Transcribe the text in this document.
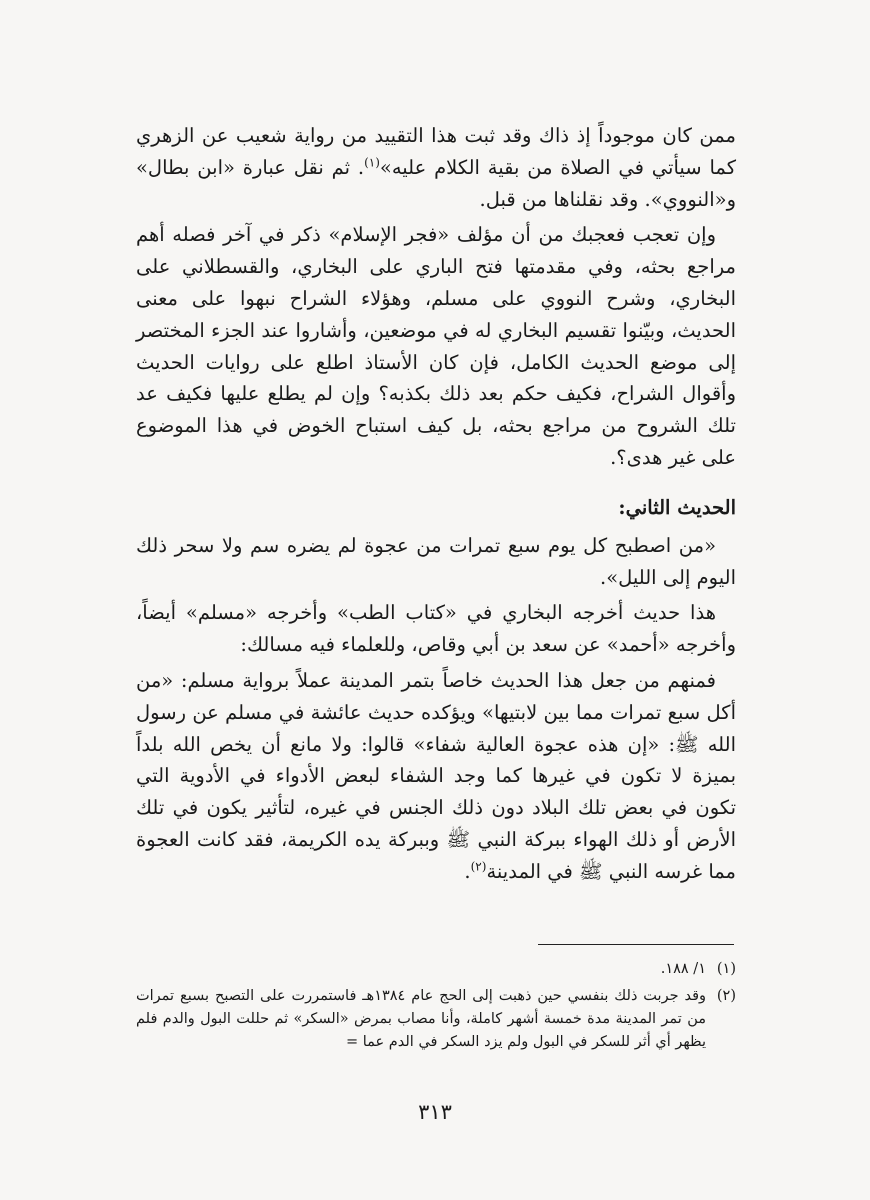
ممن كان موجوداً إذ ذاك وقد ثبت هذا التقييد من رواية شعيب عن الزهري كما سيأتي في الصلاة من بقية الكلام عليه»$^{(١)}$. ثم نقل عبارة «ابن بطال» و«النووي». وقد نقلناها من قبل.

وإن تعجب فعجبك من أن مؤلف «فجر الإسلام» ذكر في آخر فصله أهم مراجع بحثه، وفي مقدمتها فتح الباري على البخاري، والقسطلاني على البخاري، وشرح النووي على مسلم، وهؤلاء الشراح نبهوا على معنى الحديث، وبيّنوا تقسيم البخاري له في موضعين، وأشاروا عند الجزء المختصر إلى موضع الحديث الكامل، فإن كان الأستاذ اطلع على روايات الحديث وأقوال الشراح، فكيف حكم بعد ذلك بكذبه؟ وإن لم يطلع عليها فكيف عد تلك الشروح من مراجع بحثه، بل كيف استباح الخوض في هذا الموضوع على غير هدى؟.

الحديث الثاني:

«من اصطبح كل يوم سبع تمرات من عجوة لم يضره سم ولا سحر ذلك اليوم إلى الليل».

هذا حديث أخرجه البخاري في «كتاب الطب» وأخرجه «مسلم» أيضاً، وأخرجه «أحمد» عن سعد بن أبي وقاص، وللعلماء فيه مسالك:

فمنهم من جعل هذا الحديث خاصاً بتمر المدينة عملاً برواية مسلم: «من أكل سبع تمرات مما بين لابتيها» ويؤكده حديث عائشة في مسلم عن رسول الله ﷺ: «إن هذه عجوة العالية شفاء» قالوا: ولا مانع أن يخص الله بلداً بميزة لا تكون في غيرها كما وجد الشفاء لبعض الأدواء في الأدوية التي تكون في بعض تلك البلاد دون ذلك الجنس في غيره، لتأثير يكون في تلك الأرض أو ذلك الهواء ببركة النبي ﷺ وببركة يده الكريمة، فقد كانت العجوة مما غرسه النبي ﷺ في المدينة$^{(٢)}$.

(١)
١/ ١٨٨.
(٢)
وقد جربت ذلك بنفسي حين ذهبت إلى الحج عام ١٣٨٤هـ فاستمررت على التصبح بسبع تمرات من تمر المدينة مدة خمسة أشهر كاملة، وأنا مصاب بمرض «السكر» ثم حللت البول والدم فلم يظهر أي أثر للسكر في البول ولم يزد السكر في الدم عما =
٣١٣
